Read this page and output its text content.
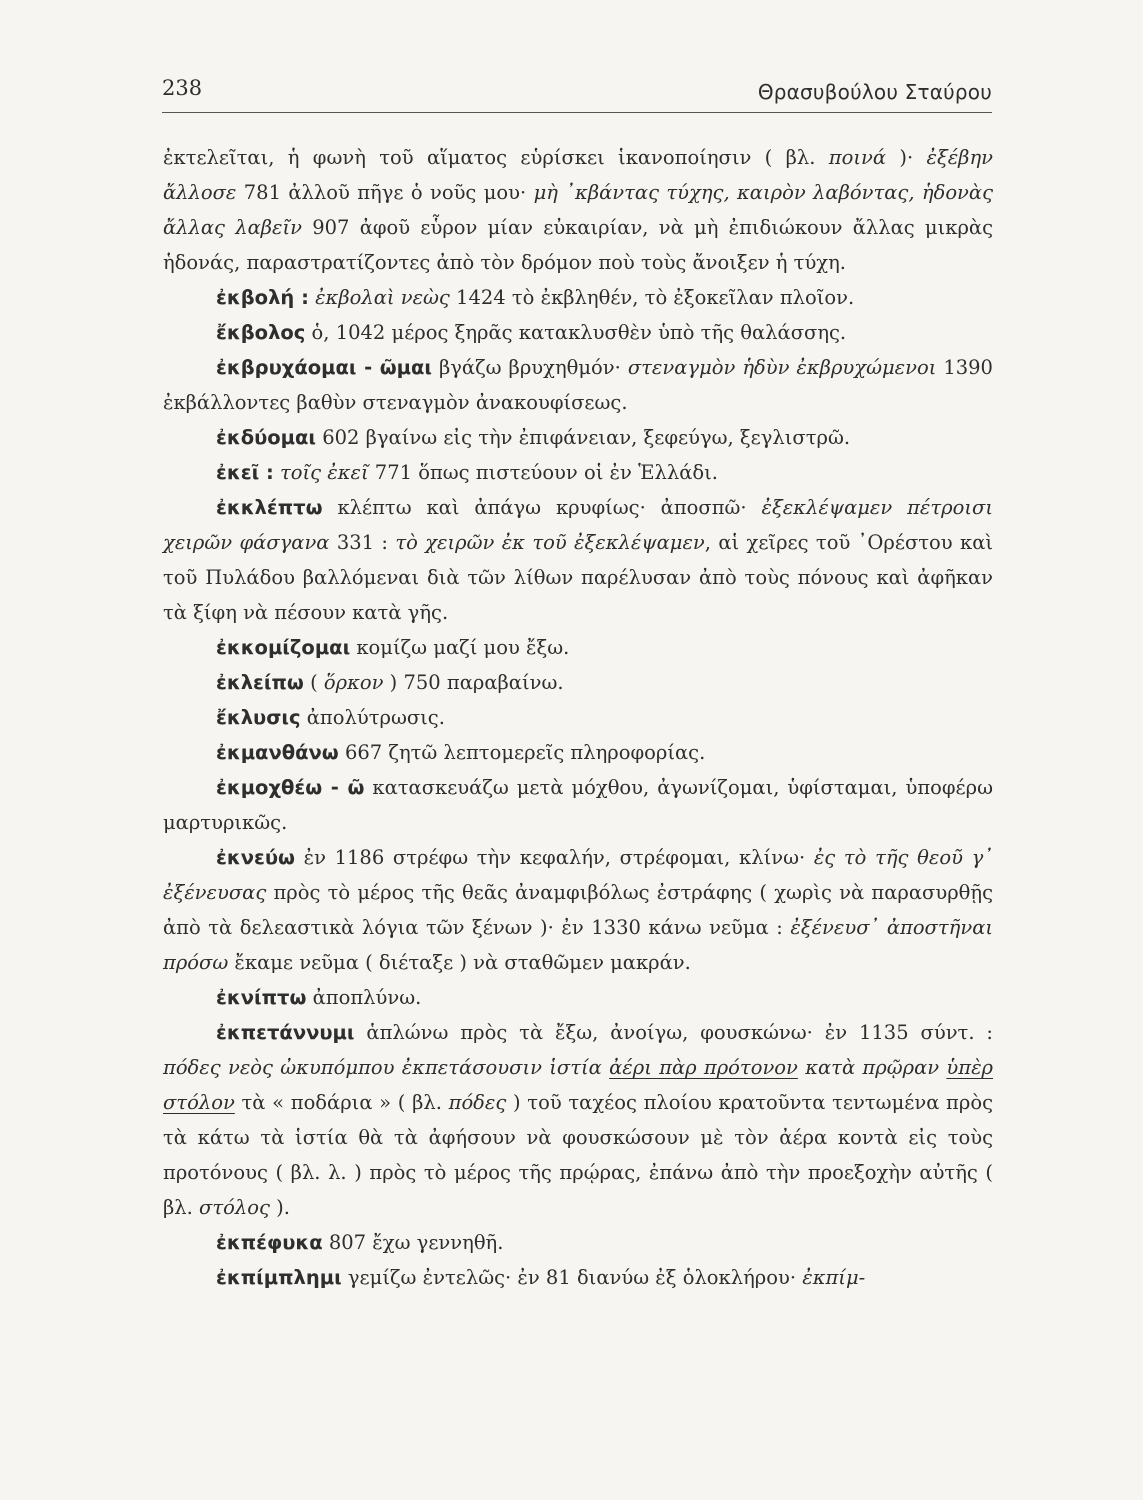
238	Θρασυβούλου Σταύρου

ἐκτελεῖται, ἡ φωνὴ τοῦ αἵματος εὑρίσκει ἱκανοποίησιν ( βλ. ποινά )· ἐξέβην ἄλλοσε 781 ἀλλοῦ πῆγε ὁ νοῦς μου· μὴ ᾿κβάντας τύχης, καιρὸν λαβόντας, ἡδονὰς ἄλλας λαβεῖν 907 ἀφοῦ εὗρον μίαν εὐκαιρίαν, νὰ μὴ ἐπιδιώκουν ἄλλας μικρὰς ἡδονάς, παραστρατίζοντες ἀπὸ τὸν δρόμον ποὺ τοὺς ἄνοιξεν ἡ τύχη.

ἐκβολή : ἐκβολαὶ νεὼς 1424 τὸ ἐκβληθέν, τὸ ἐξοκεῖλαν πλοῖον.

ἔκβολος ὁ, 1042 μέρος ξηρᾶς κατακλυσθὲν ὑπὸ τῆς θαλάσσης.

ἐκβρυχάομαι - ῶμαι βγάζω βρυχηθμόν· στεναγμὸν ἡδὺν ἐκβρυχώμενοι 1390 ἐκβάλλοντες βαθὺν στεναγμὸν ἀνακουφίσεως.

ἐκδύομαι 602 βγαίνω εἰς τὴν ἐπιφάνειαν, ξεφεύγω, ξεγλιστρῶ.

ἐκεῖ : τοῖς ἐκεῖ 771 ὅπως πιστεύουν οἱ ἐν Ἑλλάδι.

ἐκκλέπτω κλέπτω καὶ ἀπάγω κρυφίως· ἀποσπῶ· ἐξεκλέψαμεν πέτροισι χειρῶν φάσγανα 331 : τὸ χειρῶν ἐκ τοῦ ἐξεκλέψαμεν, αἱ χεῖρες τοῦ ᾿Ορέστου καὶ τοῦ Πυλάδου βαλλόμεναι διὰ τῶν λίθων παρέλυσαν ἀπὸ τοὺς πόνους καὶ ἀφῆκαν τὰ ξίφη νὰ πέσουν κατὰ γῆς.

ἐκκομίζομαι κομίζω μαζί μου ἔξω.

ἐκλείπω ( ὅρκον ) 750 παραβαίνω.

ἔκλυσις ἀπολύτρωσις.

ἐκμανθάνω 667 ζητῶ λεπτομερεῖς πληροφορίας.

ἐκμοχθέω - ῶ κατασκευάζω μετὰ μόχθου, ἀγωνίζομαι, ὑφίσταμαι, ὑποφέρω μαρτυρικῶς.

ἐκνεύω ἐν 1186 στρέφω τὴν κεφαλήν, στρέφομαι, κλίνω· ἐς τὸ τῆς θεοῦ γ᾿ ἐξένευσας πρὸς τὸ μέρος τῆς θεᾶς ἀναμφιβόλως ἐστράφης ( χωρὶς νὰ παρασυρθῇς ἀπὸ τὰ δελεαστικὰ λόγια τῶν ξένων )· ἐν 1330 κάνω νεῦμα : ἐξένευσ᾿ ἀποστῆναι πρόσω ἔκαμε νεῦμα ( διέταξε ) νὰ σταθῶμεν μακράν.

ἐκνίπτω ἀποπλύνω.

ἐκπετάννυμι ἁπλώνω πρὸς τὰ ἔξω, ἀνοίγω, φουσκώνω· ἐν 1135 σύντ. : πόδες νεὸς ὠκυπόμπου ἐκπετάσουσιν ἱστία ἀέρι πὰρ πρότονον κατὰ πρῷραν ὑπὲρ στόλον τὰ « ποδάρια » ( βλ. πόδες ) τοῦ ταχέος πλοίου κρατοῦντα τεντωμένα πρὸς τὰ κάτω τὰ ἱστία θὰ τὰ ἀφήσουν νὰ φουσκώσουν μὲ τὸν ἀέρα κοντὰ εἰς τοὺς προτόνους ( βλ. λ. ) πρὸς τὸ μέρος τῆς πρῴρας, ἐπάνω ἀπὸ τὴν προεξοχὴν αὐτῆς ( βλ. στόλος ).

ἐκπέφυκα 807 ἔχω γεννηθῆ.

ἐκπίμπλημι γεμίζω ἐντελῶς· ἐν 81 διανύω ἐξ ὁλοκλήρου· ἐκπίμ-
